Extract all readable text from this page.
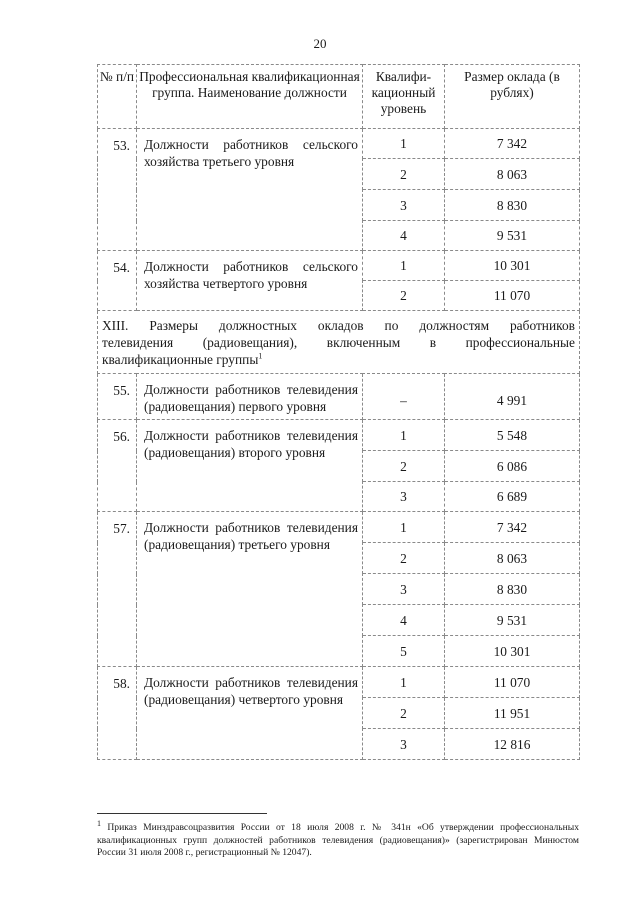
20
№ п/п	Профессиональная квалификационная группа. Наименование должности	Квалифи- кационный уровень	Размер оклада (в рублях)
53.	Должности работников сельского хозяйства третьего уровня	1	7 342
		2	8 063
		3	8 830
		4	9 531
54.	Должности работников сельского хозяйства четвертого уровня	1	10 301
		2	11 070

XIII. Размеры должностных окладов по должностям работников
телевидения (радиовещания), включенным в профессиональные квалификационные группы$^1$

55.	Должности работников телевидения (радиовещания) первого уровня	–	4 991
56.	Должности работников телевидения (радиовещания) второго уровня	1	5 548
		2	6 086
		3	6 689
57.	Должности работников телевидения (радиовещания) третьего уровня	1	7 342
		2	8 063
		3	8 830
		4	9 531
		5	10 301
58.	Должности работников телевидения (радиовещания) четвертого уровня	1	11 070
		2	11 951
		3	12 816
$^1$ Приказ Минздравсоцразвития России от 18 июля 2008 г. № 341н «Об утверждении профессиональных квалификационных групп должностей работников телевидения (радиовещания)» (зарегистрирован Минюстом России 31 июля 2008 г., регистрационный № 12047).
